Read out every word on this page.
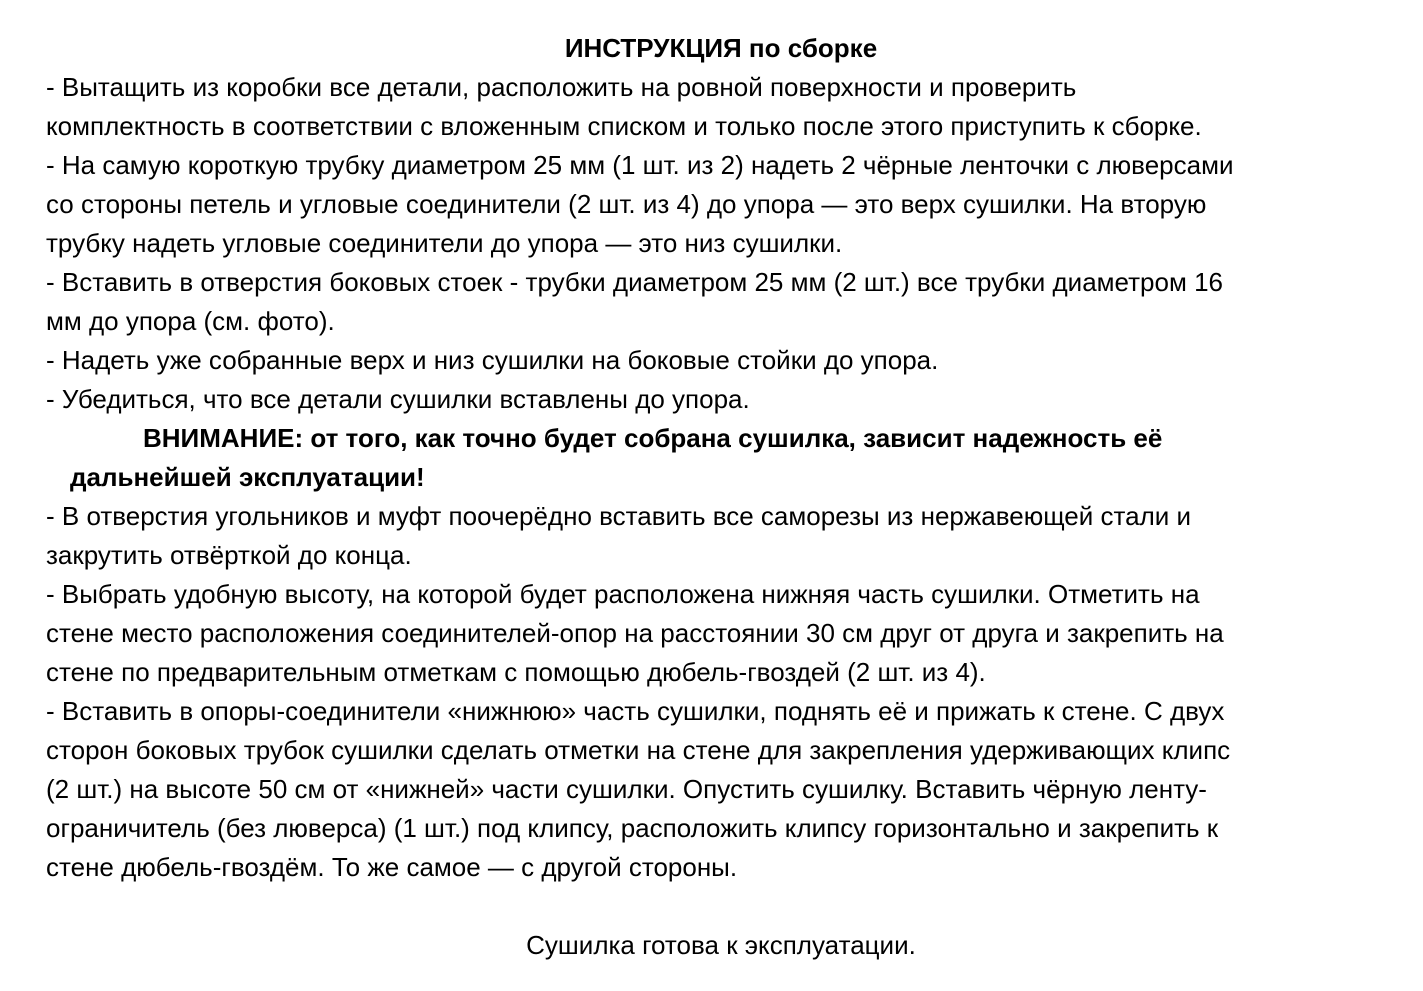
ИНСТРУКЦИЯ по сборке
- Вытащить из коробки все детали, расположить на ровной поверхности и проверить
комплектность в соответствии с вложенным списком и только после этого приступить к сборке.
- На самую короткую трубку диаметром 25 мм (1 шт. из 2) надеть 2 чёрные ленточки с люверсами
со стороны петель и угловые соединители (2 шт. из 4) до упора — это верх сушилки. На вторую
трубку надеть угловые соединители до упора — это низ сушилки.
- Вставить в отверстия боковых стоек - трубки диаметром 25 мм (2 шт.) все трубки диаметром 16
мм до упора (см. фото).
- Надеть уже собранные верх и низ сушилки на боковые стойки до упора.
- Убедиться, что все детали сушилки вставлены до упора.
ВНИМАНИЕ: от того, как точно будет собрана сушилка, зависит надежность её
дальнейшей эксплуатации!
- В отверстия угольников и муфт поочерёдно вставить все саморезы из нержавеющей стали и
закрутить отвёрткой до конца.
- Выбрать удобную высоту, на которой будет расположена нижняя часть сушилки. Отметить на
стене место расположения соединителей-опор на расстоянии 30 см друг от друга и закрепить на
стене по предварительным отметкам с помощью дюбель-гвоздей (2 шт. из 4).
- Вставить в опоры-соединители «нижнюю» часть сушилки, поднять её и прижать к стене. С двух
сторон боковых трубок сушилки сделать отметки на стене для закрепления удерживающих клипс
(2 шт.) на высоте 50 см от «нижней» части сушилки. Опустить сушилку. Вставить чёрную ленту-
ограничитель (без люверса) (1 шт.) под клипсу, расположить клипсу горизонтально и закрепить к
стене дюбель-гвоздём. То же самое — с другой стороны.
Сушилка готова к эксплуатации.
